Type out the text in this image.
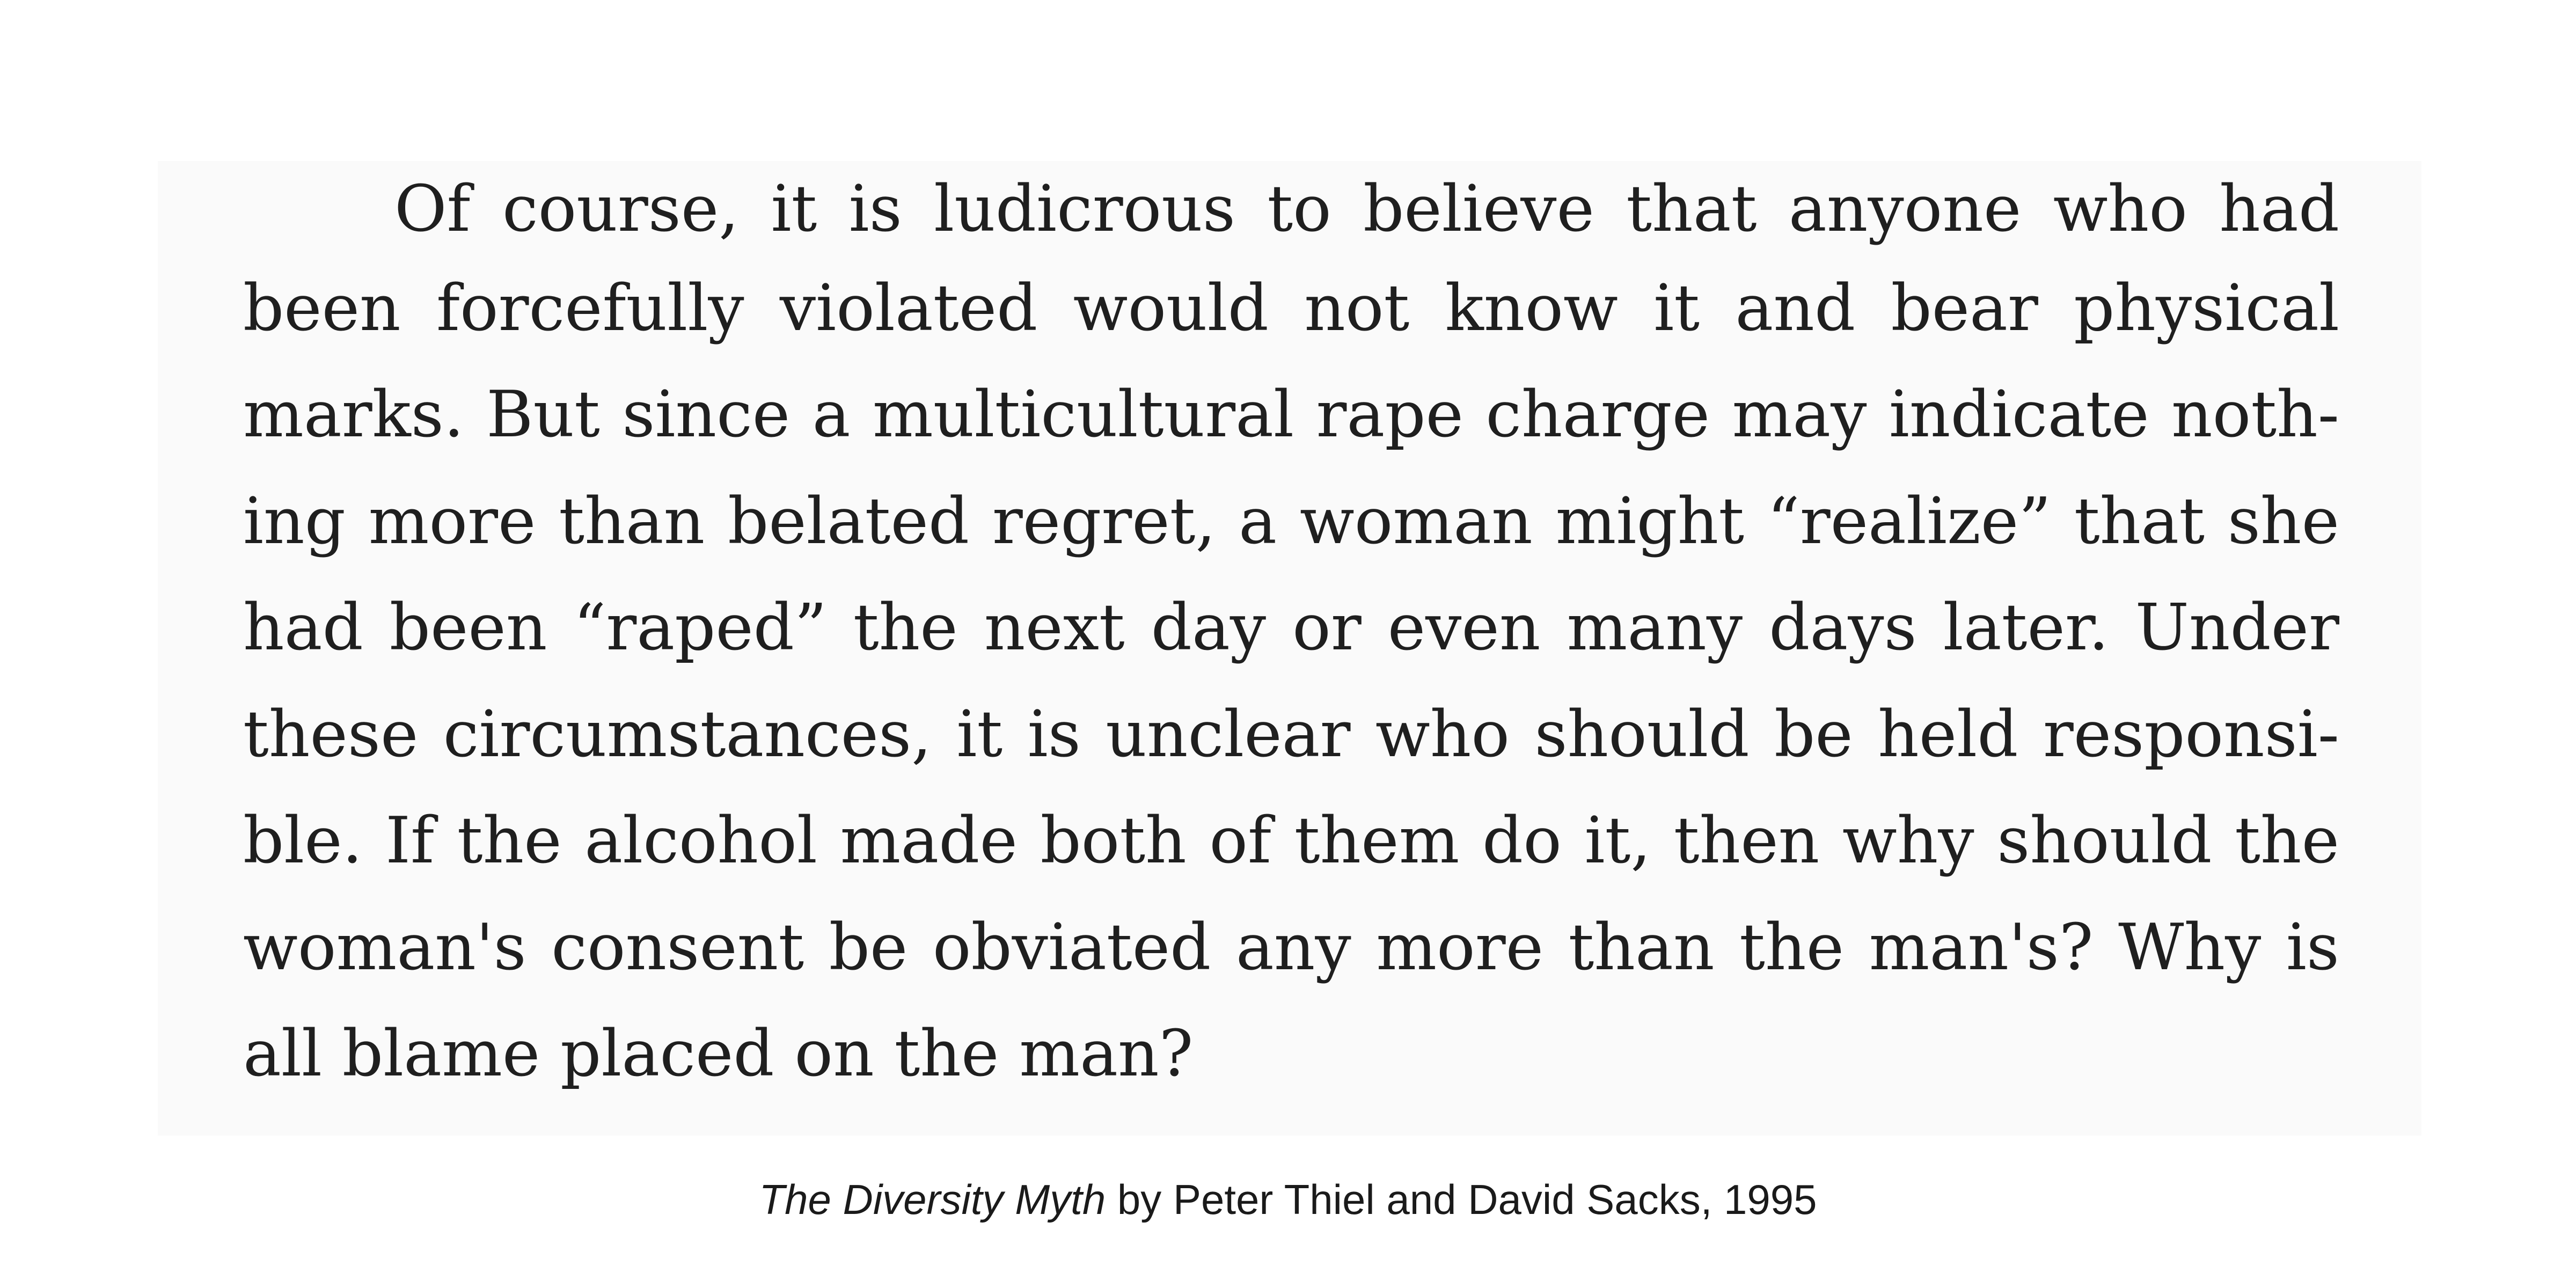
Of course, it is ludicrous to believe that anyone who had
been forcefully violated would not know it and bear physical
marks. But since a multicultural rape charge may indicate noth-
ing more than belated regret, a woman might “realize” that she
had been “raped” the next day or even many days later. Under
these circumstances, it is unclear who should be held responsi-
ble. If the alcohol made both of them do it, then why should the
woman's consent be obviated any more than the man's? Why is
all blame placed on the man?
The Diversity Myth by Peter Thiel and David Sacks, 1995
